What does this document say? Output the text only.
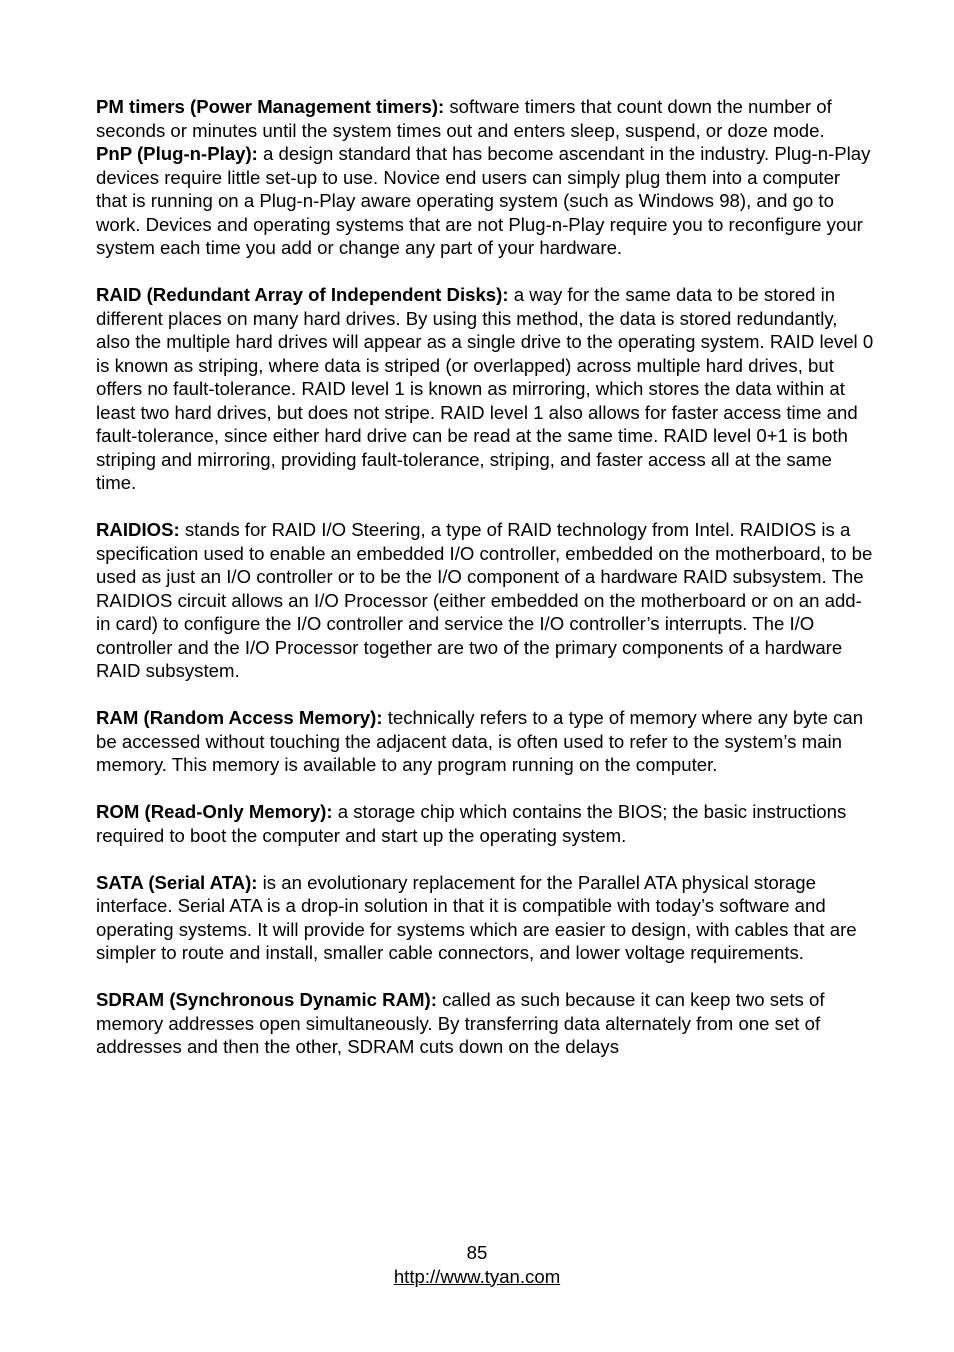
PM timers (Power Management timers): software timers that count down the number of seconds or minutes until the system times out and enters sleep, suspend, or doze mode.

PnP (Plug-n-Play): a design standard that has become ascendant in the industry. Plug-n-Play devices require little set-up to use. Novice end users can simply plug them into a computer that is running on a Plug-n-Play aware operating system (such as Windows 98), and go to work. Devices and operating systems that are not Plug-n-Play require you to reconfigure your system each time you add or change any part of your hardware.

RAID (Redundant Array of Independent Disks): a way for the same data to be stored in different places on many hard drives. By using this method, the data is stored redundantly, also the multiple hard drives will appear as a single drive to the operating system. RAID level 0 is known as striping, where data is striped (or overlapped) across multiple hard drives, but offers no fault-tolerance. RAID level 1 is known as mirroring, which stores the data within at least two hard drives, but does not stripe. RAID level 1 also allows for faster access time and fault-tolerance, since either hard drive can be read at the same time. RAID level 0+1 is both striping and mirroring, providing fault-tolerance, striping, and faster access all at the same time.

RAIDIOS: stands for RAID I/O Steering, a type of RAID technology from Intel. RAIDIOS is a specification used to enable an embedded I/O controller, embedded on the motherboard, to be used as just an I/O controller or to be the I/O component of a hardware RAID subsystem. The RAIDIOS circuit allows an I/O Processor (either embedded on the motherboard or on an add-in card) to configure the I/O controller and service the I/O controller’s interrupts. The I/O controller and the I/O Processor together are two of the primary components of a hardware RAID subsystem.

RAM (Random Access Memory): technically refers to a type of memory where any byte can be accessed without touching the adjacent data, is often used to refer to the system’s main memory. This memory is available to any program running on the computer.

ROM (Read-Only Memory): a storage chip which contains the BIOS; the basic instructions required to boot the computer and start up the operating system.

SATA (Serial ATA): is an evolutionary replacement for the Parallel ATA physical storage interface. Serial ATA is a drop-in solution in that it is compatible with today’s software and operating systems. It will provide for systems which are easier to design, with cables that are simpler to route and install, smaller cable connectors, and lower voltage requirements.

SDRAM (Synchronous Dynamic RAM): called as such because it can keep two sets of memory addresses open simultaneously. By transferring data alternately from one set of addresses and then the other, SDRAM cuts down on the delays

85
http://www.tyan.com
